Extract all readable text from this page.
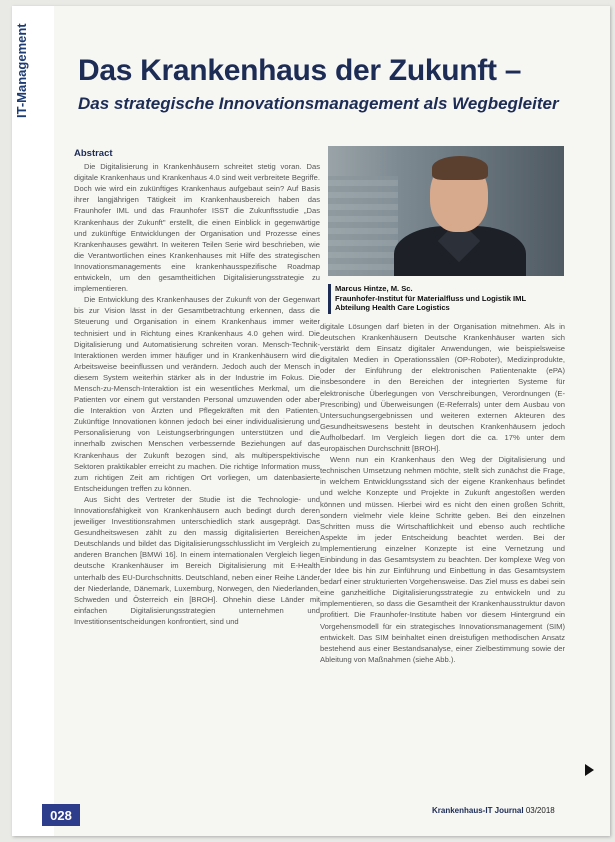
IT-Management Das Krankenhaus der Zukunft –
Das strategische Innovationsmanagement als Wegbegleiter

Abstract

Die Digitalisierung in Krankenhäusern schreitet stetig voran. Das digitale Krankenhaus und Krankenhaus 4.0 sind weit verbreitete Begriffe. Doch wie wird ein zukünftiges Krankenhaus aufgebaut sein? Auf Basis ihrer langjährigen Tätigkeit im Krankenhausbereich haben das Fraunhofer IML und das Fraunhofer ISST die Zukunftsstudie „Das Krankenhaus der Zukunft" erstellt, die einen Einblick in gegenwärtige und zukünftige Entwicklungen der Organisation und Prozesse eines Krankenhauses gewährt. In weiteren Teilen Serie wird beschrieben, wie die Verantwortlichen eines Krankenhauses mit Hilfe des strategischen Innovationsmanagements eine krankenhausspezifische Roadmap entwickeln, um den gesamtheitlichen Digitalisierungsstrategie zu implementieren.

Die Entwicklung des Krankenhauses der Zukunft von der Gegenwart bis zur Vision lässt in der Gesamtbetrachtung erkennen, dass die Steuerung und Organisation in einem Krankenhaus immer weiter technisiert und in Richtung eines Krankenhaus 4.0 gehen wird. Die Digitalisierung und Automatisierung schreiten voran. Mensch-Technik-Interaktionen werden immer häufiger und in Krankenhäusern wird die Arbeitsweise beeinflussen und verändern. Jedoch auch der Mensch in diesem System weiterhin stärker als in der Industrie im Fokus. Die Mensch-zu-Mensch-Interaktion ist ein wesentliches Merkmal, um die Patienten vor einem gut verstanden Personal umzuwenden oder aber die Interaktion von Ärzten und Pflegekräften mit den Patienten. Zukünftige Innovationen können jedoch bei einer individualisierung und Personalisierung von Leistungserbringungen unterstützen und die innerhalb zwischen Menschen verbessernde Beziehungen auf das Krankenhaus der Zukunft bezogen sind, als multiperspektivische Sektoren praktikabler erreicht zu machen. Die richtige Information muss zum richtigen Zeit am richtigen Ort vorliegen, um datenbasierte Entscheidungen treffen zu können.

Aus Sicht des Vertreter der Studie ist die Technologie- und Innovationsfähigkeit von Krankenhäusern auch bedingt durch deren jeweiliger Investitionsrahmen unterschiedlich stark ausgeprägt. Das Gesundheitswesen zählt zu den massig digitalisierten Bereichen Deutschlands und bildet das Digitalisierungsschlusslicht im Vergleich zu anderen Branchen [BMWi 16]. In einem internationalen Vergleich liegen deutsche Krankenhäuser im Bereich Digitalisierung mit E-Health unterhalb des EU-Durchschnitts. Deutschland, neben einer Reihe Länder der Niederlande, Dänemark, Luxemburg, Norwegen, den Niederlanden, Schweden und Österreich ein [BROH]. Ohnehin diese Länder mit einfachen Digitalisierungsstrategien unternehmen und Investitionsentscheidungen konfrontiert, sind und

Marcus Hintze, M. Sc.
Fraunhofer-Institut für Materialfluss und Logistik IML
Abteilung Health Care Logistics

digitale Lösungen darf bieten in der Organisation mitnehmen. Als in deutschen Krankenhäusern Deutsche Krankenhäuser warten sich verstärkt dem Einsatz digitaler Anwendungen, wie beispielsweise digitalen Medien in Operationssälen (OP-Roboter), Medizinprodukte, oder der Einführung der elektronischen Patientenakte (ePA) insbesondere in den Bereichen der integrierten Systeme für elektronische Überlegungen von Verschreibungen, Verordnungen (E-Prescribing) und Überweisungen (E-Referrals) unter dem Ausbau von Untersuchungsergebnissen und weiteren externen Akteuren des Gesundheitswesens besteht in deutschen Krankenhäusern jedoch Aufholbedarf. Im Vergleich liegen dort die ca. 17% unter dem europäischen Durchschnitt [BROH].

Wenn nun ein Krankenhaus den Weg der Digitalisierung und technischen Umsetzung nehmen möchte, stellt sich zunächst die Frage, in welchem Entwicklungsstand sich der eigene Krankenhaus befindet und welche Konzepte und Projekte in Zukunft angestoßen werden können und müssen. Hierbei wird es nicht den einen großen Schritt, sondern vielmehr viele kleine Schritte geben. Bei den einzelnen Schritten muss die Wirtschaftlichkeit und ebenso auch rechtliche Aspekte im jeder Entscheidung beachtet werden. Bei der Implementierung einzelner Konzepte ist eine Vernetzung und Einbindung in das Gesamtsystem zu beachten. Der komplexe Weg von der Idee bis hin zur Einführung und Einbettung in das Gesamtsystem bedarf einer strukturierten Vorgehensweise. Das Ziel muss es dabei sein eine ganzheitliche Digitalisierungsstrategie zu entwickeln und zu implementieren, so dass die Gesamtheit der Krankenhausstruktur davon profitiert. Die Fraunhofer-Institute haben vor diesem Hintergrund ein Vorgehensmodell für ein strategisches Innovationsmanagement (SIM) entwickelt. Das SIM beinhaltet einen dreistufigen methodischen Ansatz bestehend aus einer Bestandsanalyse, einer Zielbestimmung sowie der Ableitung von Maßnahmen (siehe Abb.).

028	Krankenhaus-IT Journal 03/2018
